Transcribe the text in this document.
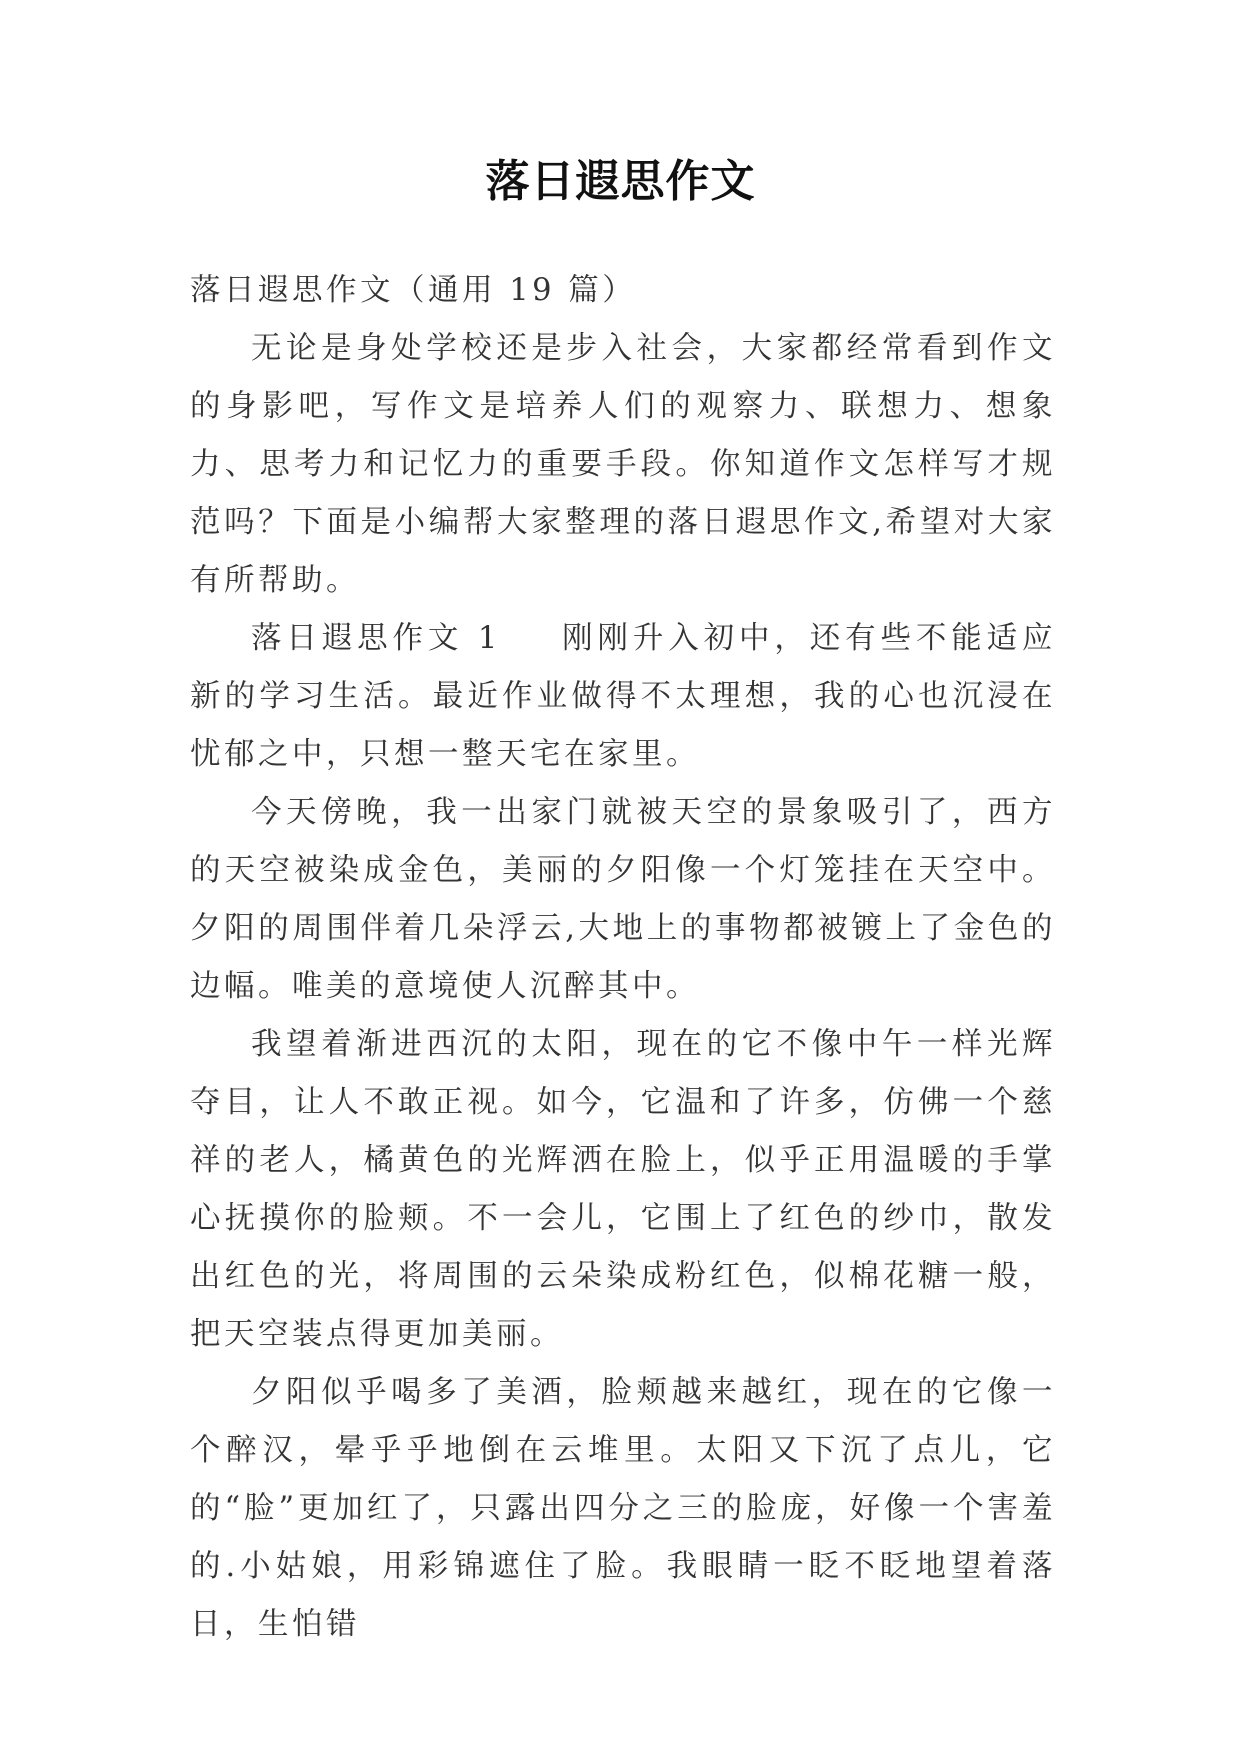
落日遐思作文

落日遐思作文（通用 19 篇）

无论是身处学校还是步入社会，大家都经常看到作文的身影吧，写作文是培养人们的观察力、联想力、想象力、思考力和记忆力的重要手段。你知道作文怎样写才规范吗？下面是小编帮大家整理的落日遐思作文,希望对大家有所帮助。

落日遐思作文 1 刚刚升入初中，还有些不能适应新的学习生活。最近作业做得不太理想，我的心也沉浸在忧郁之中，只想一整天宅在家里。

今天傍晚，我一出家门就被天空的景象吸引了，西方的天空被染成金色，美丽的夕阳像一个灯笼挂在天空中。夕阳的周围伴着几朵浮云,大地上的事物都被镀上了金色的边幅。唯美的意境使人沉醉其中。

我望着渐进西沉的太阳，现在的它不像中午一样光辉夺目，让人不敢正视。如今，它温和了许多，仿佛一个慈祥的老人，橘黄色的光辉洒在脸上，似乎正用温暖的手掌心抚摸你的脸颊。不一会儿，它围上了红色的纱巾，散发出红色的光，将周围的云朵染成粉红色，似棉花糖一般，把天空装点得更加美丽。

夕阳似乎喝多了美酒，脸颊越来越红，现在的它像一个醉汉，晕乎乎地倒在云堆里。太阳又下沉了点儿，它的“脸”更加红了，只露出四分之三的脸庞，好像一个害羞的.小姑娘，用彩锦遮住了脸。我眼睛一眨不眨地望着落日，生怕错
